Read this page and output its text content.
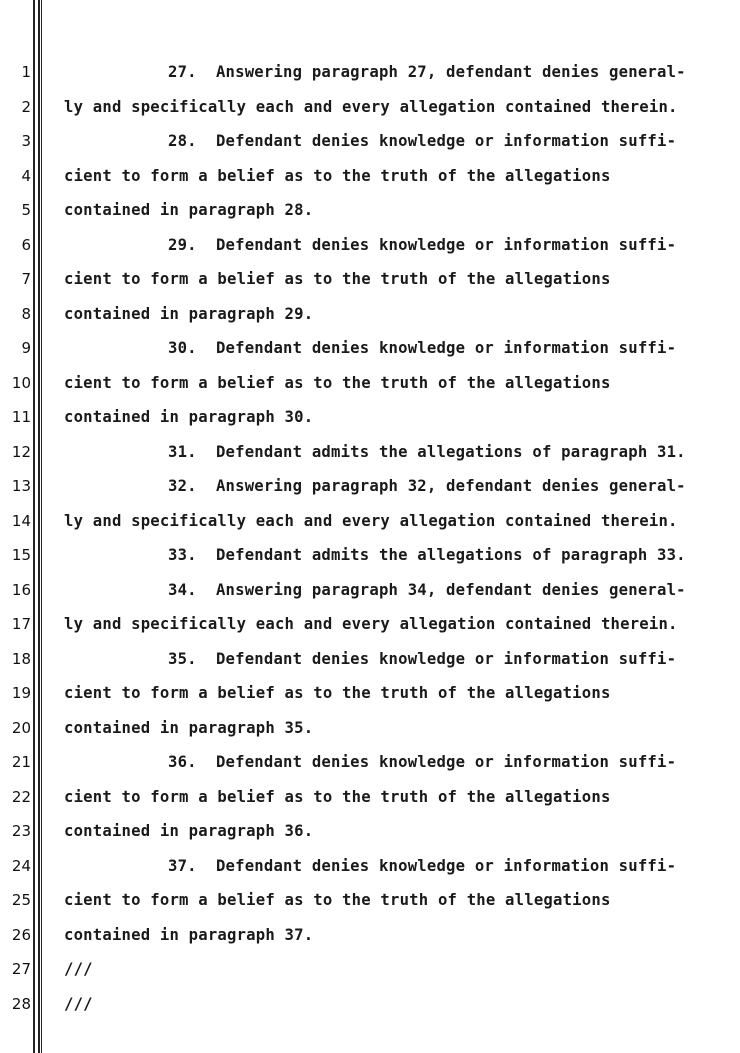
1
2
3
4
5
6
7
8
9
10
11
12
13
14
15
16
17
18
19
20
21
22
23
24
25
26
27
28
27.  Answering paragraph 27, defendant denies general-
ly and specifically each and every allegation contained therein.
28.  Defendant denies knowledge or information suffi-
cient to form a belief as to the truth of the allegations
contained in paragraph 28.
29.  Defendant denies knowledge or information suffi-
cient to form a belief as to the truth of the allegations
contained in paragraph 29.
30.  Defendant denies knowledge or information suffi-
cient to form a belief as to the truth of the allegations
contained in paragraph 30.
31.  Defendant admits the allegations of paragraph 31.
32.  Answering paragraph 32, defendant denies general-
ly and specifically each and every allegation contained therein.
33.  Defendant admits the allegations of paragraph 33.
34.  Answering paragraph 34, defendant denies general-
ly and specifically each and every allegation contained therein.
35.  Defendant denies knowledge or information suffi-
cient to form a belief as to the truth of the allegations
contained in paragraph 35.
36.  Defendant denies knowledge or information suffi-
cient to form a belief as to the truth of the allegations
contained in paragraph 36.
37.  Defendant denies knowledge or information suffi-
cient to form a belief as to the truth of the allegations
contained in paragraph 37.
///
///
